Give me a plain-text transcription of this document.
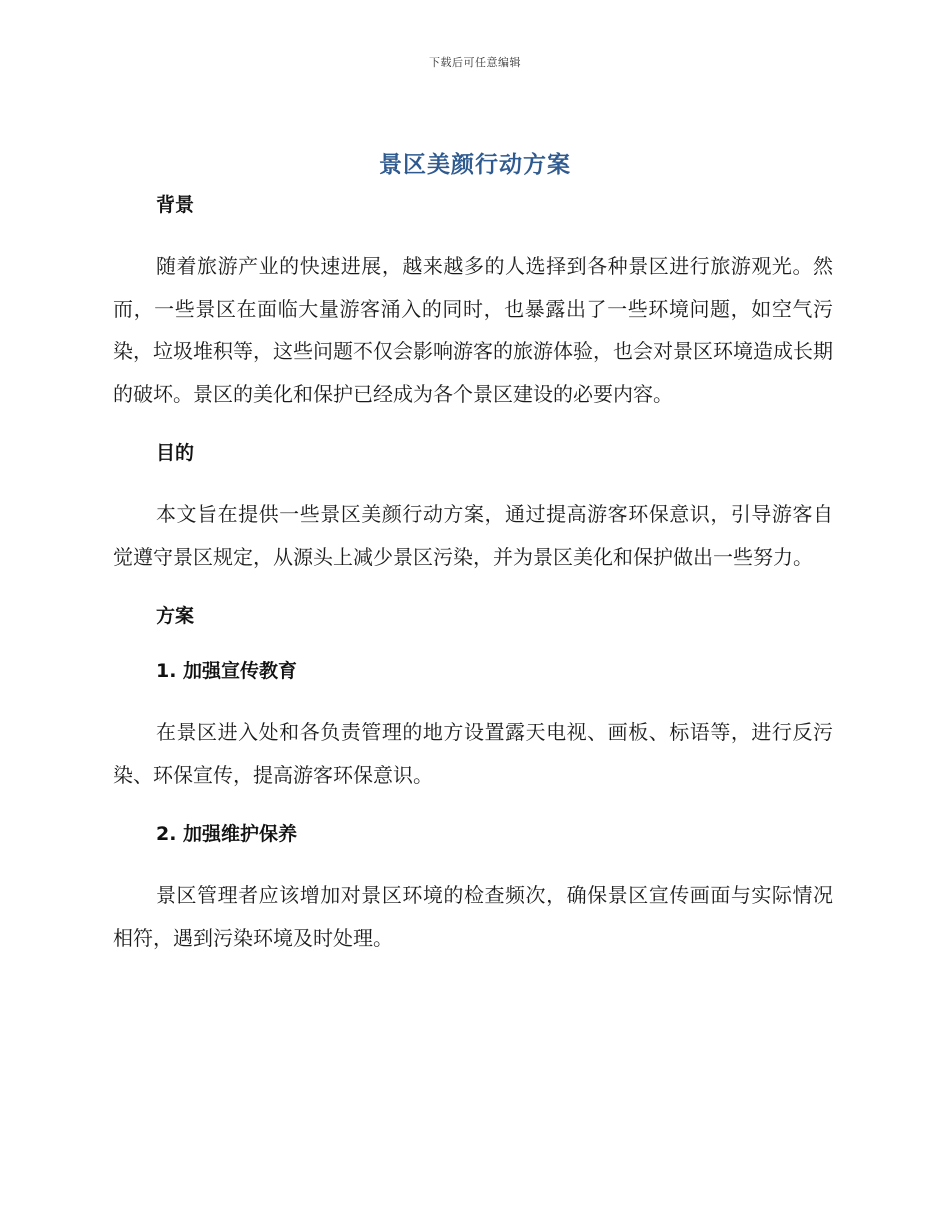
下载后可任意编辑
景区美颜行动方案
背景

随着旅游产业的快速进展，越来越多的人选择到各种景区进行旅游观光。然而，一些景区在面临大量游客涌入的同时，也暴露出了一些环境问题，如空气污染，垃圾堆积等，这些问题不仅会影响游客的旅游体验，也会对景区环境造成长期的破坏。景区的美化和保护已经成为各个景区建设的必要内容。

目的

本文旨在提供一些景区美颜行动方案，通过提高游客环保意识，引导游客自觉遵守景区规定，从源头上减少景区污染，并为景区美化和保护做出一些努力。

方案
1. 加强宣传教育

在景区进入处和各负责管理的地方设置露天电视、画板、标语等，进行反污染、环保宣传，提高游客环保意识。

2. 加强维护保养

景区管理者应该增加对景区环境的检查频次，确保景区宣传画面与实际情况相符，遇到污染环境及时处理。
